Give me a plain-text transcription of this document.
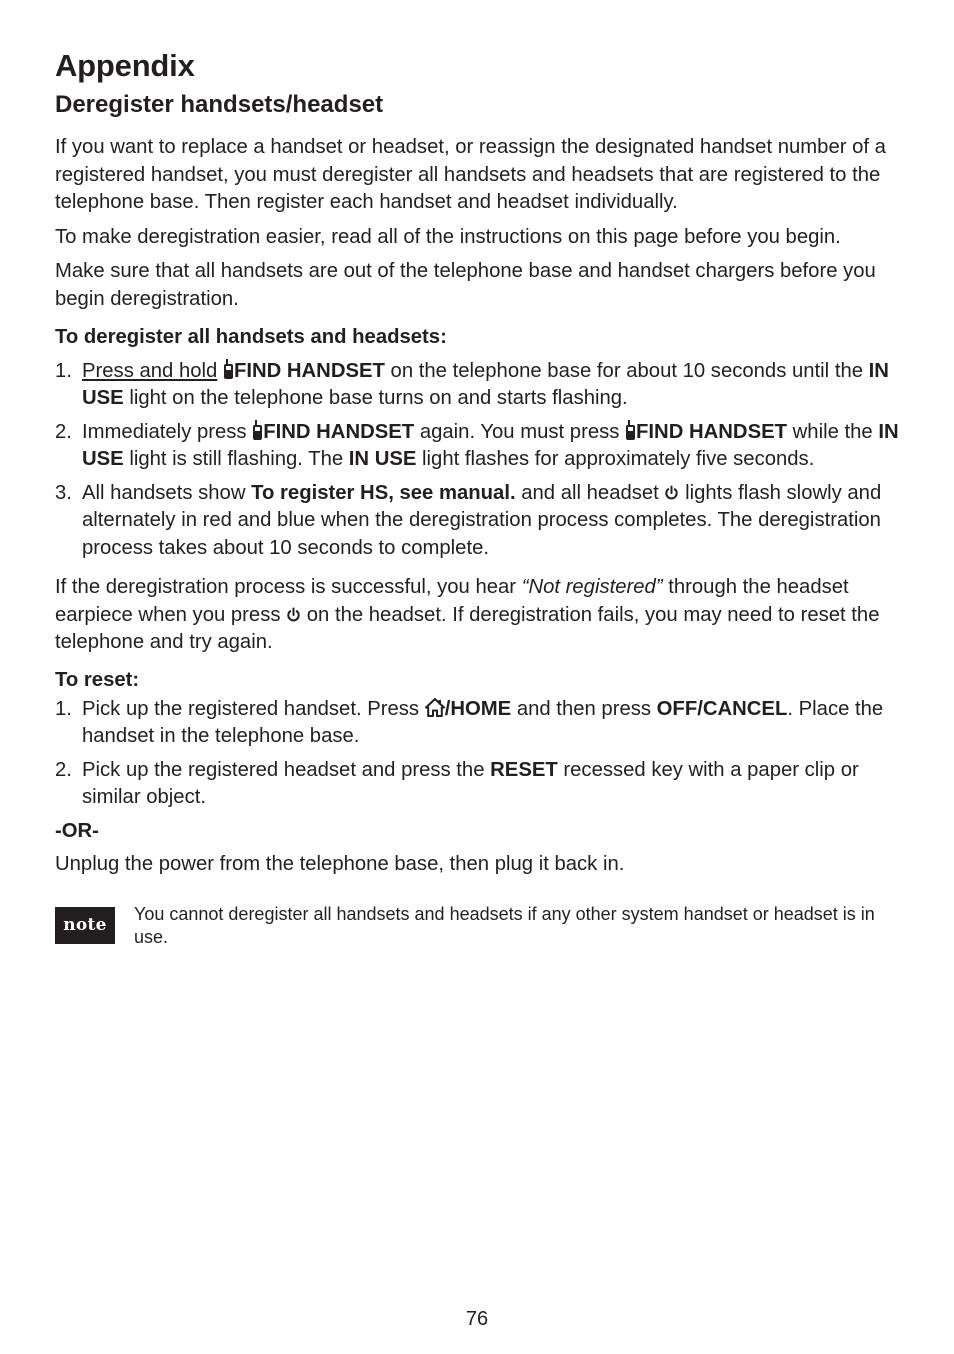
Appendix
Deregister handsets/headset

If you want to replace a handset or headset, or reassign the designated handset number of a registered handset, you must deregister all handsets and headsets that are registered to the telephone base. Then register each handset and headset individually.

To make deregistration easier, read all of the instructions on this page before you begin.

Make sure that all handsets are out of the telephone base and handset chargers before you begin deregistration.

To deregister all handsets and headsets:

1. Press and hold FIND HANDSET on the telephone base for about 10 seconds until the IN USE light on the telephone base turns on and starts flashing.
2. Immediately press FIND HANDSET again. You must press FIND HANDSET while the IN USE light is still flashing. The IN USE light flashes for approximately five seconds.
3. All handsets show To register HS, see manual. and all headset  lights flash slowly and alternately in red and blue when the deregistration process completes. The deregistration process takes about 10 seconds to complete.

If the deregistration process is successful, you hear “Not registered” through the headset earpiece when you press  on the headset. If deregistration fails, you may need to reset the telephone and try again.

To reset:

1. Pick up the registered handset. Press /HOME and then press OFF/CANCEL. Place the handset in the telephone base.
2. Pick up the registered headset and press the RESET recessed key with a paper clip or similar object.

-OR-

Unplug the power from the telephone base, then plug it back in.

note
You cannot deregister all handsets and headsets if any other system handset or headset is in use.
76
